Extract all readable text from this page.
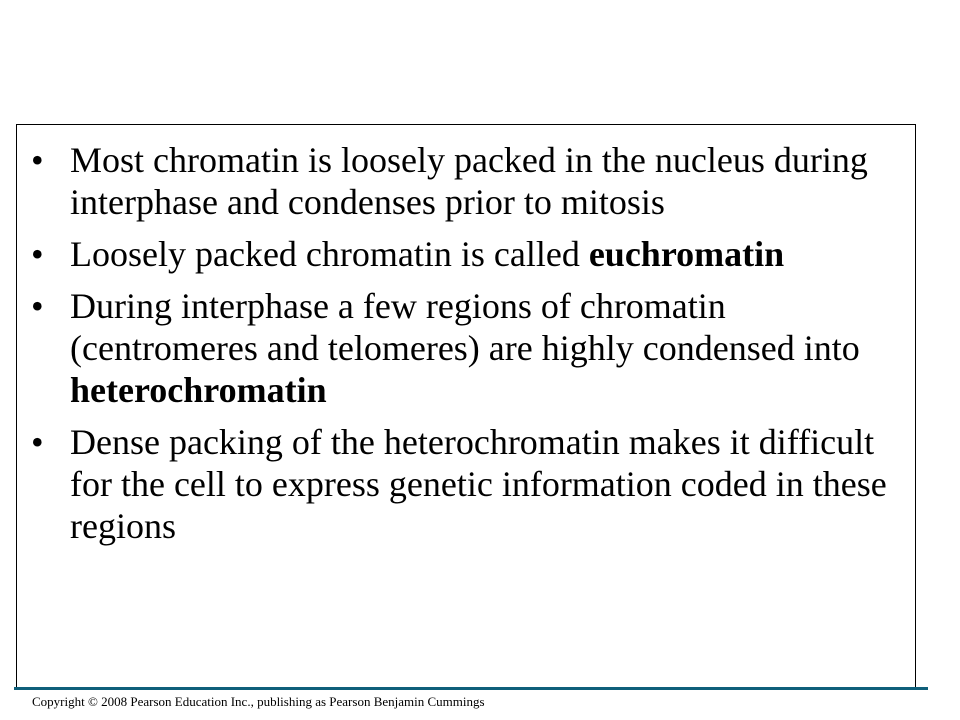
• Most chromatin is loosely packed in the nucleus during interphase and condenses prior to mitosis
• Loosely packed chromatin is called euchromatin
• During interphase a few regions of chromatin (centromeres and telomeres) are highly condensed into heterochromatin
• Dense packing of the heterochromatin makes it difficult for the cell to express genetic information coded in these regions
Copyright © 2008 Pearson Education Inc., publishing as Pearson Benjamin Cummings
